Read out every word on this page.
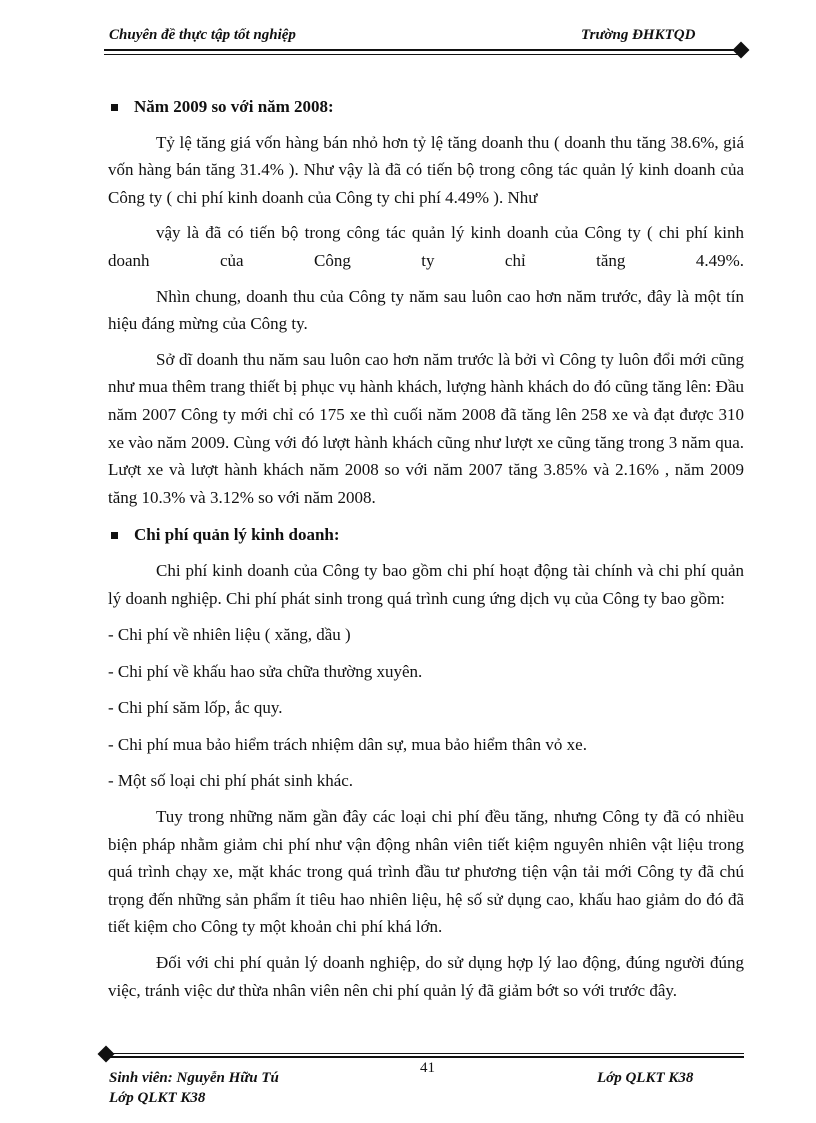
Chuyên đề thực tập tốt nghiệp	Trường ĐHKTQD

Năm 2009 so với năm 2008:

Tỷ lệ tăng giá vốn hàng bán nhỏ hơn tỷ lệ tăng doanh thu ( doanh thu tăng 38.6%, giá vốn hàng bán tăng 31.4% ). Như vậy là đã có tiến bộ trong công tác quản lý kinh doanh của Công ty ( chi phí kinh doanh của Công ty chi phí 4.49% ). Như

vậy là đã có tiến bộ trong công tác quản lý kinh doanh của Công ty ( chi phí kinh doanh của Công ty chỉ tăng 4.49%.

Nhìn chung, doanh thu của Công ty năm sau luôn cao hơn năm trước, đây là một tín hiệu đáng mừng của Công ty.

Sở dĩ doanh thu năm sau luôn cao hơn năm trước là bởi vì Công ty luôn đổi mới cũng như mua thêm trang thiết bị phục vụ hành khách, lượng hành khách do đó cũng tăng lên: Đầu năm 2007 Công ty mới chỉ có 175 xe thì cuối năm 2008 đã tăng lên 258 xe và đạt được 310 xe vào năm 2009. Cùng với đó lượt hành khách cũng như lượt xe cũng tăng trong 3 năm qua. Lượt xe và lượt hành khách năm 2008 so với năm 2007 tăng 3.85% và 2.16% , năm 2009 tăng 10.3% và 3.12% so với năm 2008.

Chi phí quản lý kinh doanh:

Chi phí kinh doanh của Công ty bao gồm chi phí hoạt động tài chính và chi phí quản lý doanh nghiệp. Chi phí phát sinh trong quá trình cung ứng dịch vụ của Công ty bao gồm:

- Chi phí về nhiên liệu ( xăng, dầu )

- Chi phí về khấu hao sửa chữa thường xuyên.

- Chi phí săm lốp, ắc quy.

- Chi phí mua bảo hiểm trách nhiệm dân sự, mua bảo hiểm thân vỏ xe.

- Một số loại chi phí phát sinh khác.

Tuy trong những năm gần đây các loại chi phí đều tăng, nhưng Công ty đã có nhiều biện pháp nhằm giảm chi phí như vận động nhân viên tiết kiệm nguyên nhiên vật liệu trong quá trình chạy xe, mặt khác trong quá trình đầu tư phương tiện vận tải mới Công ty đã chú trọng đến những sản phẩm ít tiêu hao nhiên liệu, hệ số sử dụng cao, khấu hao giảm do đó đã tiết kiệm cho Công ty một khoản chi phí khá lớn.

Đối với chi phí quản lý doanh nghiệp, do sử dụng hợp lý lao động, đúng người đúng việc, tránh việc dư thừa nhân viên nên chi phí quản lý đã giảm bớt so với trước đây.

41
Sinh viên: Nguyễn Hữu Tú
Lớp QLKT K38
Lớp QLKT K38
